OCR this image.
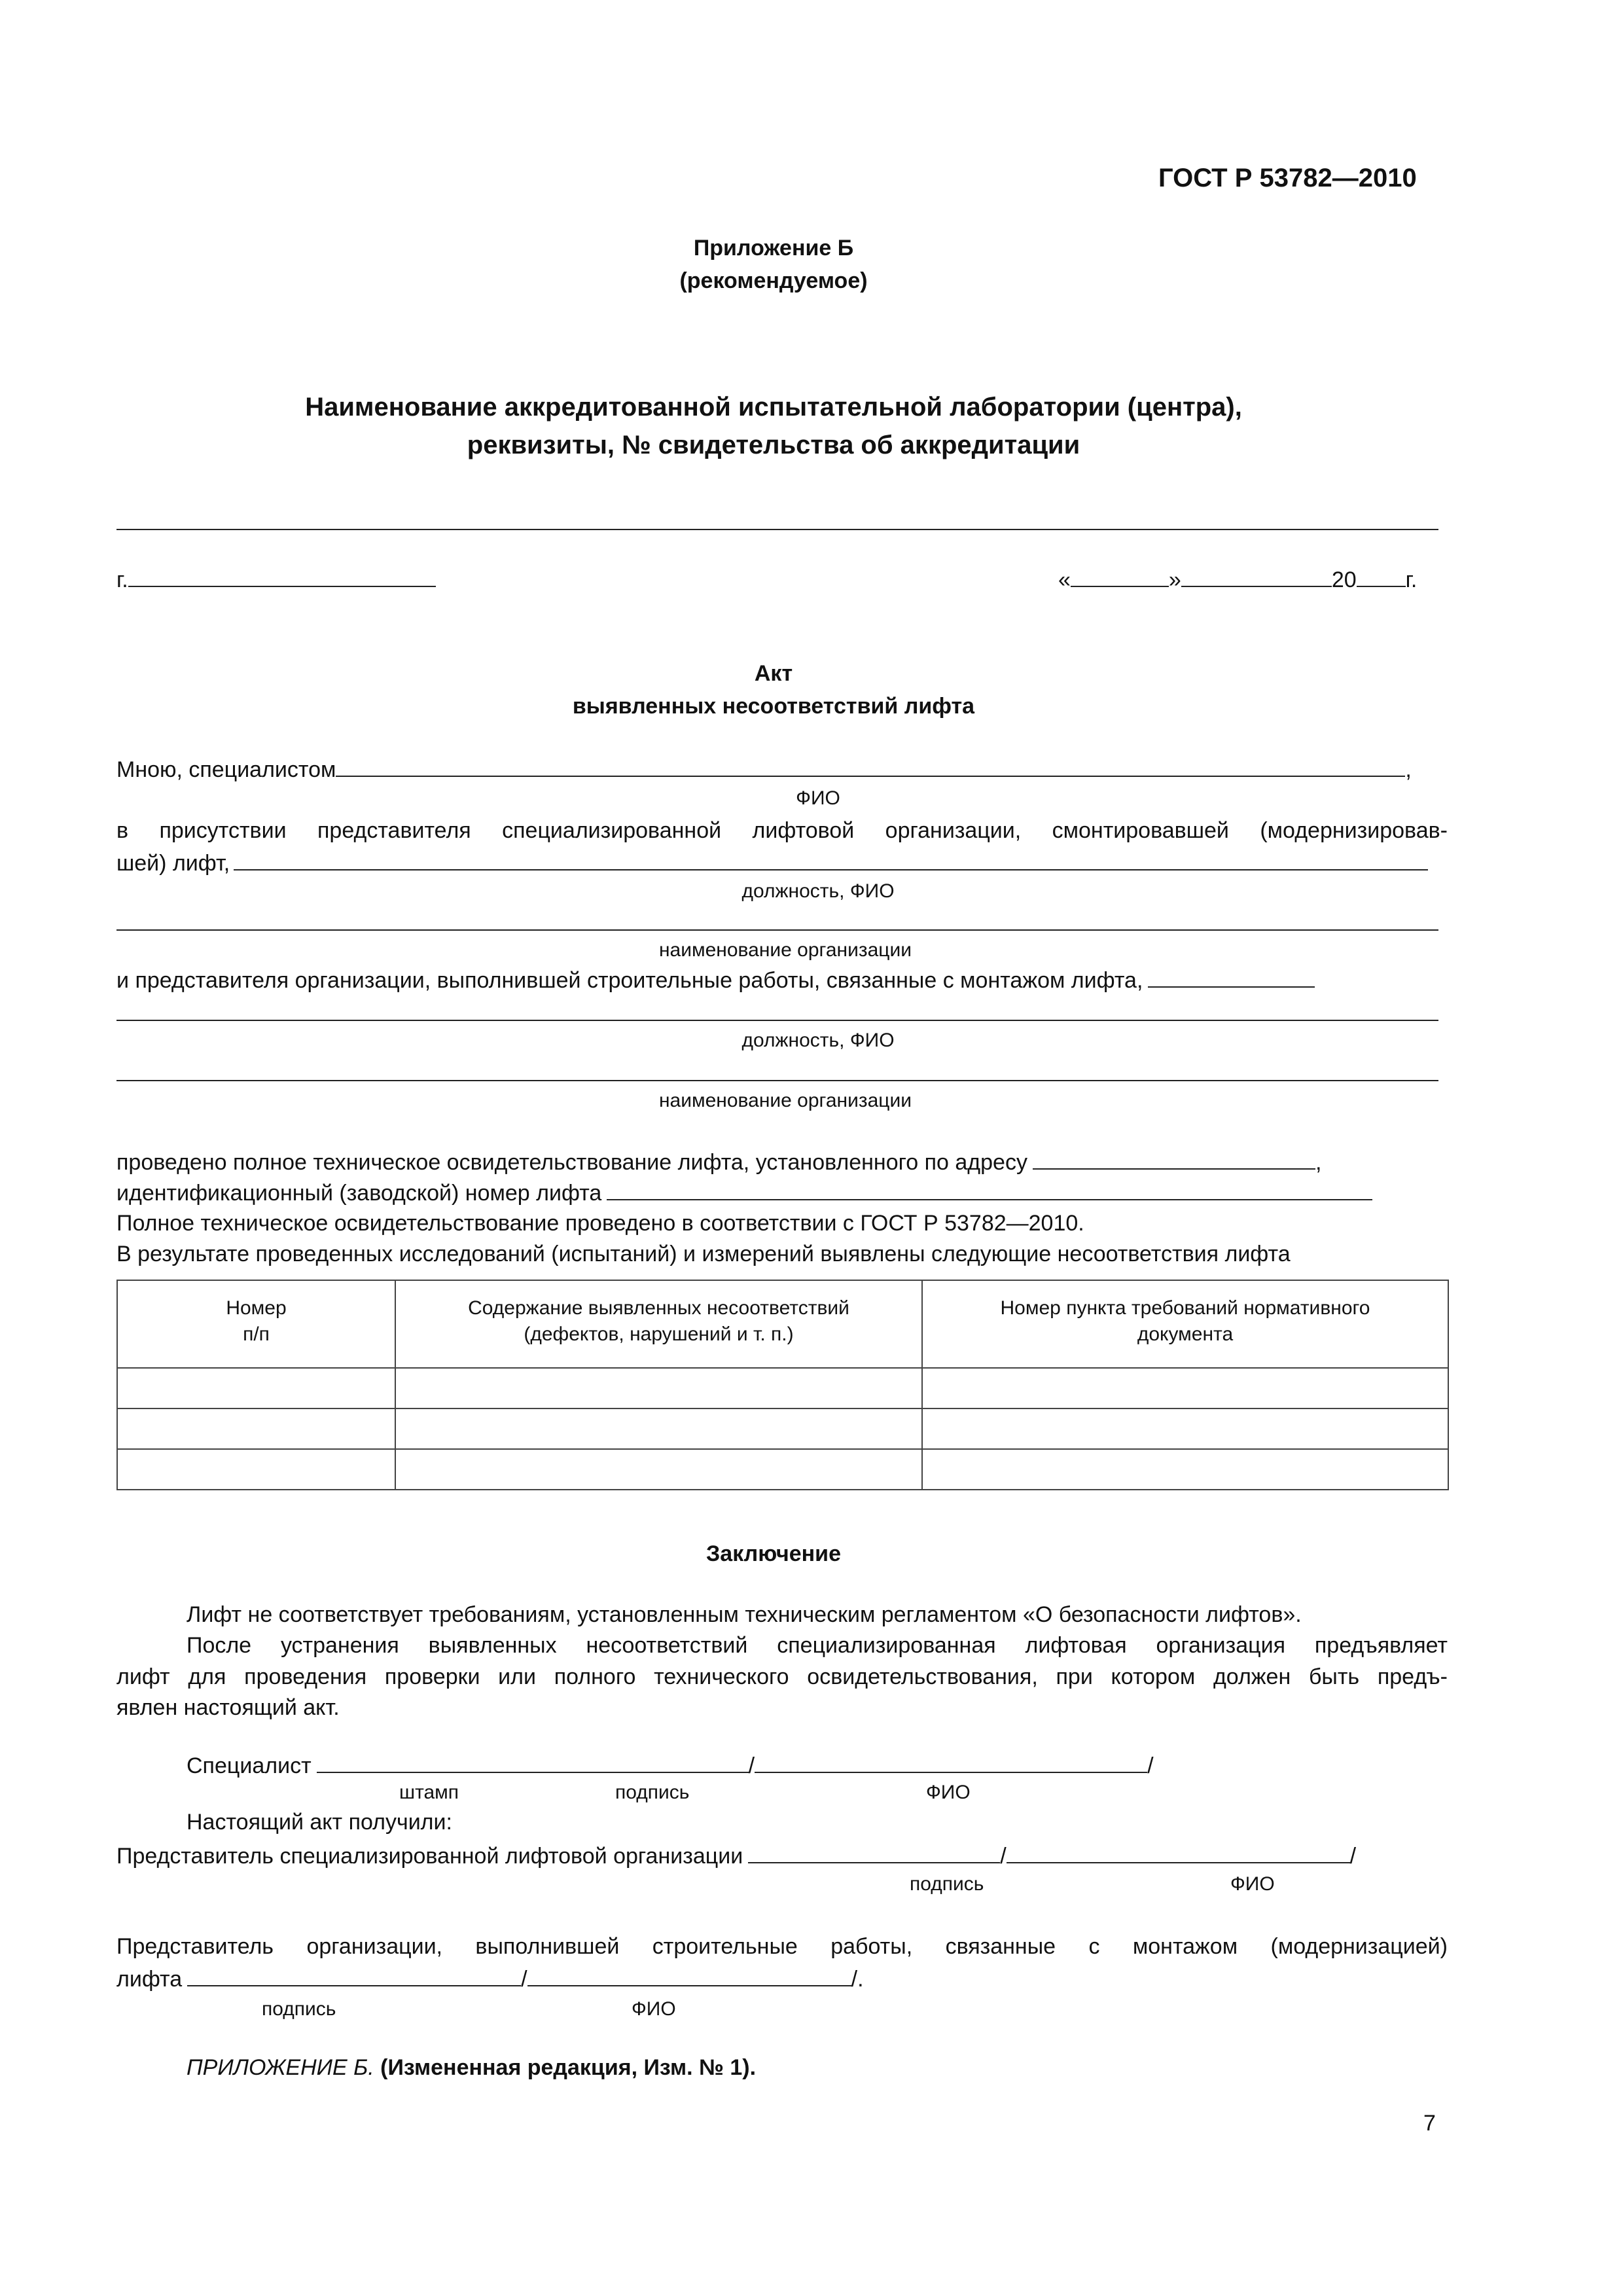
ГОСТ Р 53782—2010
Приложение Б
(рекомендуемое)
Наименование аккредитованной испытательной лаборатории (центра),
реквизиты, № свидетельства об аккредитации
г.	«	»	20 г.
Акт
выявленных несоответствий лифта
Мною, специалистом	,
ФИО
в присутствии представителя специализированной лифтовой организации, смонтировавшей (модернизировав-
шей) лифт,
должность, ФИО
наименование организации
и представителя организации, выполнившей строительные работы, связанные с монтажом лифта,
должность, ФИО
наименование организации
проведено полное техническое освидетельствование лифта, установленного по адресу	,
идентификационный (заводской) номер лифта
Полное техническое освидетельствование проведено в соответствии с ГОСТ Р 53782—2010.
В результате проведенных исследований (испытаний) и измерений выявлены следующие несоответствия лифта
Номер
п/п	Содержание выявленных несоответствий
(дефектов, нарушений и т. п.)	Номер пункта требований нормативного
документа

Заключение
Лифт не соответствует требованиям, установленным техническим регламентом «О безопасности лифтов».
После устранения выявленных несоответствий специализированная лифтовая организация предъявляет
лифт для проведения проверки или полного технического освидетельствования, при котором должен быть предъ-
явлен настоящий акт.
Специалист	/	/
штамп	подпись	ФИО
Настоящий акт получили:
Представитель специализированной лифтовой организации	/	/
подпись	ФИО
Представитель организации, выполнившей строительные работы, связанные с монтажом (модернизацией)
лифта	/	/.
подпись	ФИО
ПРИЛОЖЕНИЕ Б. (Измененная редакция, Изм. № 1).
7
